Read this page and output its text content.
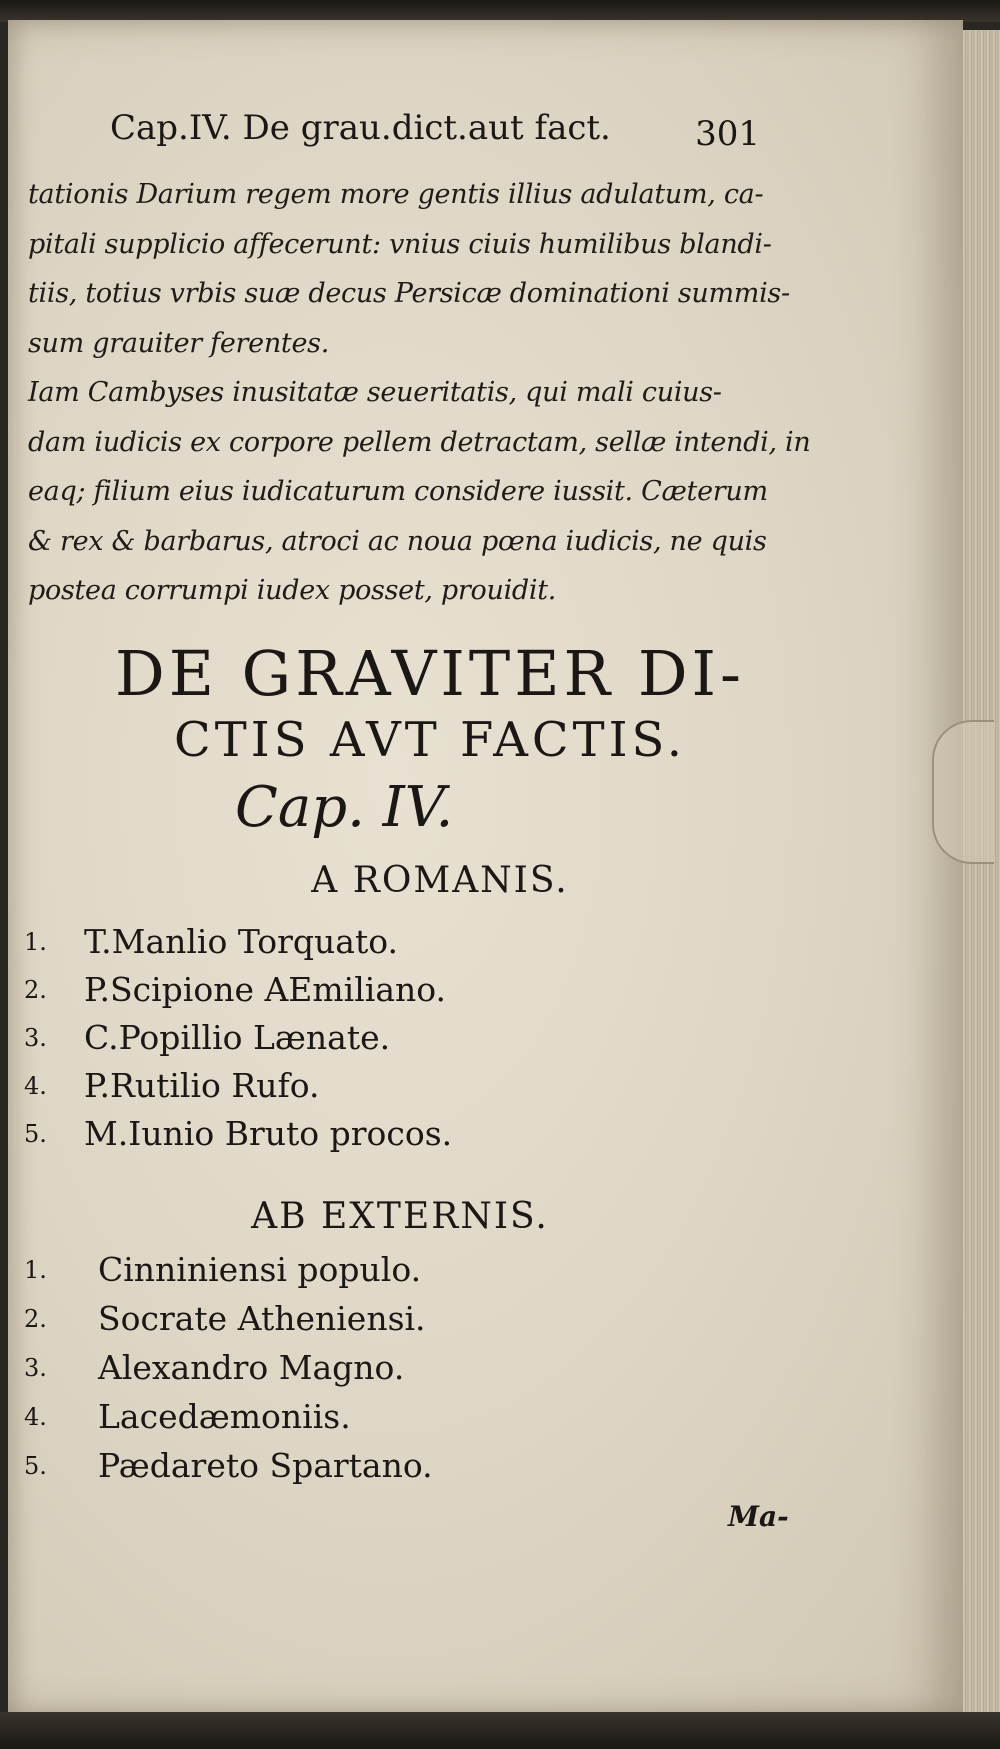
Cap.IV. De grau.dict.aut fact. 301
tationis Darium regem more gentis illius adulatum, ca-
pitali supplicio affecerunt: vnius ciuis humilibus blandi-
tiis, totius vrbis suæ decus Persicæ dominationi summis-
sum grauiter ferentes.
Iam Cambyses inusitatæ seueritatis, qui mali cuius-
dam iudicis ex corpore pellem detractam, sellæ intendi, in
eaq; filium eius iudicaturum considere iussit. Cæterum
& rex & barbarus, atroci ac noua pœna iudicis, ne quis
postea corrumpi iudex posset, prouidit.
DE GRAVITER DI-
CTIS AVT FACTIS.
Cap. IV.
A ROMANIS.
1. T.Manlio Torquato.
2. P.Scipione AEmiliano.
3. C.Popillio Lænate.
4. P.Rutilio Rufo.
5. M.Iunio Bruto procos.
AB EXTERNIS.
1. Cinniniensi populo.
2. Socrate Atheniensi.
3. Alexandro Magno.
4. Lacedæmoniis.
5. Pædareto Spartano.
Ma-
